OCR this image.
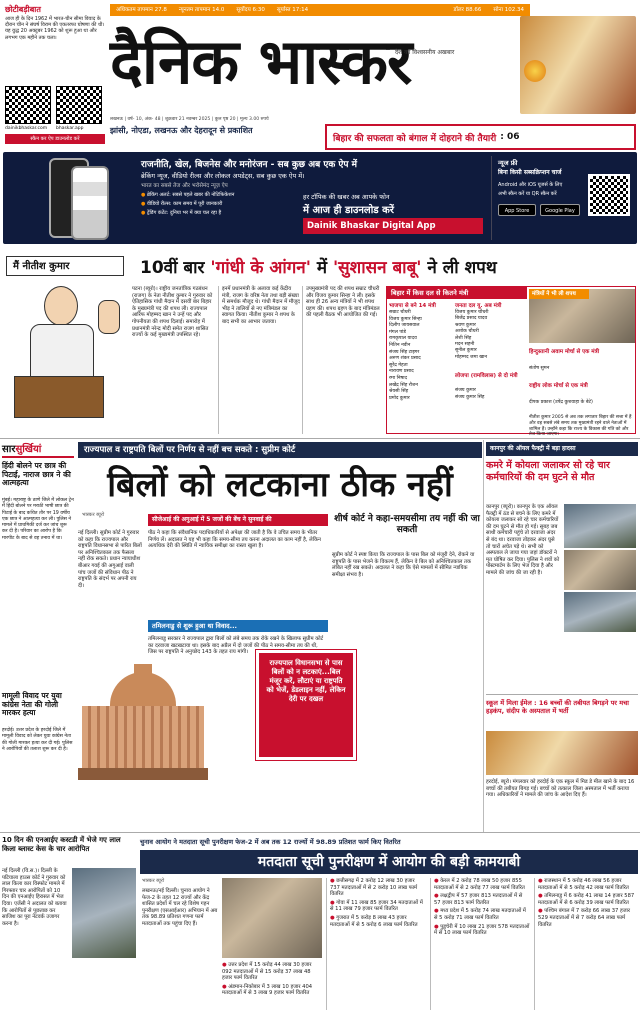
छोटीबड़ीबात
आज ही के दिन 1962 में भारत-चीन सीमा विवाद के दौरान चीन ने संघर्ष विराम की एकतरफा घोषणा की थी। यह युद्ध 20 अक्टूबर 1962 को शुरू हुआ था और लगभग एक महीने तक चला।
dainikbhaskar.com	bhaskar.app
स्कैन कर ऐप डाउनलोड करें
अधिकतम तापमान 27.8	न्यूनतम तापमान 14.0	सूर्योदय 6:30	सूर्यास्त 17:14	डॉलर 88.66	सोना 102.34
दैनिक भास्कर
देश का विश्वसनीय अखबार
लखनऊ | वर्ष- 10, अंक- 48 | शुक्रवार 21 नवम्बर 2025 | कुल पृष्ठ 20 | मूल्य 3.00 रुपये
झांसी, नोएडा, लखनऊ और देहरादून से प्रकाशित
बिहार की सफलता को बंगाल में दोहराने की तैयारी : 06
राजनीति, खेल, बिजनेस और मनोरंजन - सब कुछ अब एक ऐप में
ब्रेकिंग न्यूज, वीडियो रील्स और लोकल अपडेट्स, सब कुछ एक ऐप में।
भारत का सबसे तेज और भरोसेमंद न्यूज़ ऐप
● ब्रेकिंग अलर्ट: सबसे पहले खबर की नोटिफिकेशन
● वीडियो रील्स: काम समय में पूरी जानकारी
● ट्रेंडिंग कंटेंट: दुनिया भर में क्या चल रहा है
हर टॉपिक की खबर अब आपके फोन
में आज ही डाउनलोड करें
Dainik Bhaskar Digital App
न्यूज फ्री
बिना किसी सब्सक्रिप्शन चार्ज
Android और iOS यूजर्स के लिए
अभी स्कैन करें या QR स्कैन करें
App Store	Google Play
मैं नीतीश कुमार	10वीं बार 'गांधी के आंगन' में 'सुशासन बाबू' ने ली शपथ
पटना (ब्यूरो)। राष्ट्रीय जनतांत्रिक गठबंधन (राजग) के नेता नीतीश कुमार ने गुरुवार को ऐतिहासिक गांधी मैदान में दसवीं बार बिहार के मुख्यमंत्री पद की शपथ ली। राज्यपाल आरिफ मोहम्मद खान ने उन्हें पद और गोपनीयता की शपथ दिलाई। समारोह में प्रधानमंत्री नरेन्द्र मोदी समेत राजग शासित राज्यों के कई मुख्यमंत्री उपस्थित रहे।
इनमें प्रधानमंत्री के अलावा कई केंद्रीय मंत्री, राजग के वरिष्ठ नेता तथा बड़ी संख्या में समर्थक मौजूद थे। गांधी मैदान में मौजूद भीड़ ने तालियों से नए मंत्रिमंडल का स्वागत किया। नीतीश कुमार ने शपथ के बाद सभी का आभार जताया।
उपमुख्यमंत्री पद की शपथ सम्राट चौधरी और विजय कुमार सिन्हा ने ली। इसके साथ ही 26 अन्य मंत्रियों ने भी शपथ ग्रहण की। शपथ ग्रहण के बाद मंत्रिमंडल की पहली बैठक भी आयोजित की गई।
बिहार में किस दल से कितने मंत्री
भाजपा से बने 14 मंत्री
सम्राट चौधरी
विजय कुमार सिन्हा
दिलीप जायसवाल
मंगल पांडे
रामकृपाल यादव
नितिन नवीन
संजय सिंह टाइगर
अरुण शंकर प्रसाद
सुरेंद्र मेहता
नारायण प्रसाद
रमा निषाद
लखेंद्र सिंह रौशन
श्रेयसी सिंह
प्रमोद कुमार
जनता दल यू. अब मंत्री
विजय कुमार चौधरी
बिजेंद्र प्रसाद यादव
श्रवण कुमार
अशोक चौधरी
लेशी सिंह
मदन सहनी
सुनील कुमार
मोहम्मद जमा खान
लोजपा (रामविलास) से दो मंत्री
संजय कुमार
संजय कुमार सिंह
मंत्रियों ने भी ली शपथ
हिन्दुस्तानी अवाम मोर्चा से एक मंत्री
संतोष सुमन
राष्ट्रीय लोक मोर्चा से एक मंत्री
दीपक प्रकाश (उपेंद्र कुशवाहा के बेटे)
नीतीश कुमार 2005 से अब तक लगातार बिहार की सत्ता में हैं और वह सबसे लंबे समय तक मुख्यमंत्री रहने वाले नेताओं में शामिल हैं। उन्होंने कहा कि राज्य के विकास की गति को और तेज किया जाएगा।
सारसुर्खियां
हिंदी बोलने पर छात्र की पिटाई, नाराज छात्र ने की आत्महत्या
मुंबई। महाराष्ट्र के ठाणे जिले में लोकल ट्रेन में हिंदी बोलने पर मराठी भाषी छात्र की पिटाई के बाद कथित तौर पर 19 वर्षीय एक छात्र ने आत्महत्या कर ली। पुलिस ने मामले में प्राथमिकी दर्ज कर जांच शुरू कर दी है। परिवार का आरोप है कि मारपीट के बाद से वह तनाव में था।
मामूली विवाद पर युवा कांग्रेस नेता की गोली मारकर हत्या
हरदोई। उत्तर प्रदेश के हरदोई जिले में मामूली विवाद को लेकर युवा कांग्रेस नेता की गोली मारकर हत्या कर दी गई। पुलिस ने आरोपियों की तलाश शुरू कर दी है।
राज्यपाल व राष्ट्रपति बिलों पर निर्णय से नहीं बच सकते : सुप्रीम कोर्ट
बिलों को लटकाना ठीक नहीं
भास्कर ब्यूरो
सीजेआई की अगुआई में 5 जजों की बेंच ने सुनवाई की
नई दिल्ली। सुप्रीम कोर्ट ने गुरुवार को कहा कि राज्यपाल और राष्ट्रपति विधानसभा से पारित बिलों पर अनिश्चितकाल तक फैसला नहीं रोक सकते। प्रधान न्यायाधीश बीआर गवई की अगुआई वाली पांच जजों की संविधान पीठ ने राष्ट्रपति के संदर्भ पर अपनी राय दी।
पीठ ने कहा कि संवैधानिक पदाधिकारियों से अपेक्षा की जाती है कि वे उचित समय के भीतर निर्णय लें। अदालत ने यह भी कहा कि समय-सीमा तय करना अदालत का काम नहीं है, लेकिन अत्यधिक देरी की स्थिति में न्यायिक समीक्षा का रास्ता खुला है।
तमिलनाडु से शुरू हुआ था विवाद...
तमिलनाडु सरकार ने राज्यपाल द्वारा बिलों को लंबे समय तक रोके रखने के खिलाफ सुप्रीम कोर्ट का दरवाजा खटखटाया था। इसके बाद अप्रैल में दो जजों की पीठ ने समय-सीमा तय की थी, जिस पर राष्ट्रपति ने अनुच्छेद 143 के तहत राय मांगी।
शीर्ष कोर्ट ने कहा-समयसीमा तय नहीं की जा सकती
सुप्रीम कोर्ट ने स्पष्ट किया कि राज्यपाल के पास बिल को मंजूरी देने, रोकने या राष्ट्रपति के पास भेजने के विकल्प हैं, लेकिन वे बिल को अनिश्चितकाल तक लंबित नहीं रख सकते। अदालत ने कहा कि ऐसे मामलों में सीमित न्यायिक समीक्षा संभव है।
राज्यपाल विधानसभा से पास बिलों को न लटकाएं...बिल मंजूर करें, लौटाएं या राष्ट्रपति को भेजें, डेडलाइन नहीं, लेकिन देरी पर दखल
कानपुर की ऑयल फैक्ट्री में बड़ा हादसा
कमरे में कोयला जलाकर सो रहे चार कर्मचारियों की दम घुटने से मौत
कानपुर (ब्यूरो)। कानपुर के एक ऑयल फैक्ट्री में ठंड से बचने के लिए कमरे में कोयला जलाकर सो रहे चार कर्मचारियों की दम घुटने से मौत हो गई। सुबह जब साथी कर्मचारी पहुंचे तो दरवाजा अंदर से बंद था। दरवाजा तोड़कर अंदर घुसे तो चारों अचेत पड़े थे। सभी को अस्पताल ले जाया गया जहां डॉक्टरों ने मृत घोषित कर दिया। पुलिस ने शवों को पोस्टमार्टम के लिए भेज दिया है और मामले की जांच की जा रही है।
स्कूल में मिला ईमेल : 16 बच्चों की तबीयत बिगड़ने पर मचा हड़कंप, संदीप के अस्पताल में भर्ती
हरदोई, ब्यूरो। मंगलवार को हरदोई के एक स्कूल में मिड डे मील खाने के बाद 16 बच्चों की तबीयत बिगड़ गई। बच्चों को तत्काल जिला अस्पताल में भर्ती कराया गया। अधिकारियों ने मामले की जांच के आदेश दिए हैं।
10 दिन की एनआईए कस्टडी में भेजे गए लाल किला ब्लास्ट केस के चार आरोपित
नई दिल्ली (वि.स.)। दिल्ली के पटियाला हाउस कोर्ट ने गुरुवार को लाल किला कार विस्फोट मामले में गिरफ्तार चार आरोपितों को 10 दिन की एनआईए हिरासत में भेज दिया। एजेंसी ने अदालत को बताया कि आरोपितों से पूछताछ कर साजिश का पूरा नेटवर्क उजागर करना है।
चुनाव आयोग ने मतदाता सूची पुनरीक्षण फेज-2 में अब तक 12 राज्यों में 98.89 प्रतिशत फार्म किए वितरित
मतदाता सूची पुनरीक्षण में आयोग की बड़ी कामयाबी
भास्कर ब्यूरो
लखनऊ/नई दिल्ली। चुनाव आयोग ने फेज-2 के तहत 12 राज्यों और केंद्र शासित प्रदेशों में चल रहे विशेष गहन पुनरीक्षण (एसआईआर) अभियान में अब तक 98.89 प्रतिशत गणना फार्म मतदाताओं तक पहुंचा दिए हैं।

● उत्तर प्रदेश में 15 करोड़ 44 लाख 30 हजार 092 मतदाताओं में से 15 करोड़ 37 लाख 48 हजार फार्म वितरित

● अंडमान-निकोबार में 3 लाख 10 हजार 404 मतदाताओं में से 3 लाख 9 हजार फार्म वितरित

● छत्तीसगढ़ में 2 करोड़ 12 लाख 30 हजार 737 मतदाताओं में से 2 करोड़ 10 लाख फार्म वितरित

● गोवा में 11 लाख 85 हजार 34 मतदाताओं में से 11 लाख 79 हजार फार्म वितरित

● गुजरात में 5 करोड़ 8 लाख 43 हजार मतदाताओं में से 5 करोड़ 6 लाख फार्म वितरित

● केरल में 2 करोड़ 78 लाख 50 हजार 855 मतदाताओं में से 2 करोड़ 77 लाख फार्म वितरित

● लक्षद्वीप में 57 हजार 813 मतदाताओं में से 57 हजार 813 फार्म वितरित

● मध्य प्रदेश में 5 करोड़ 74 लाख मतदाताओं में से 5 करोड़ 71 लाख फार्म वितरित

● पुडुचेरी में 10 लाख 21 हजार 578 मतदाताओं में से 10 लाख फार्म वितरित

● राजस्थान में 5 करोड़ 46 लाख 56 हजार मतदाताओं में से 5 करोड़ 42 लाख फार्म वितरित

● तमिलनाडु में 6 करोड़ 41 लाख 14 हजार 587 मतदाताओं में से 6 करोड़ 39 लाख फार्म वितरित

● पश्चिम बंगाल में 7 करोड़ 66 लाख 37 हजार 529 मतदाताओं में से 7 करोड़ 64 लाख फार्म वितरित
